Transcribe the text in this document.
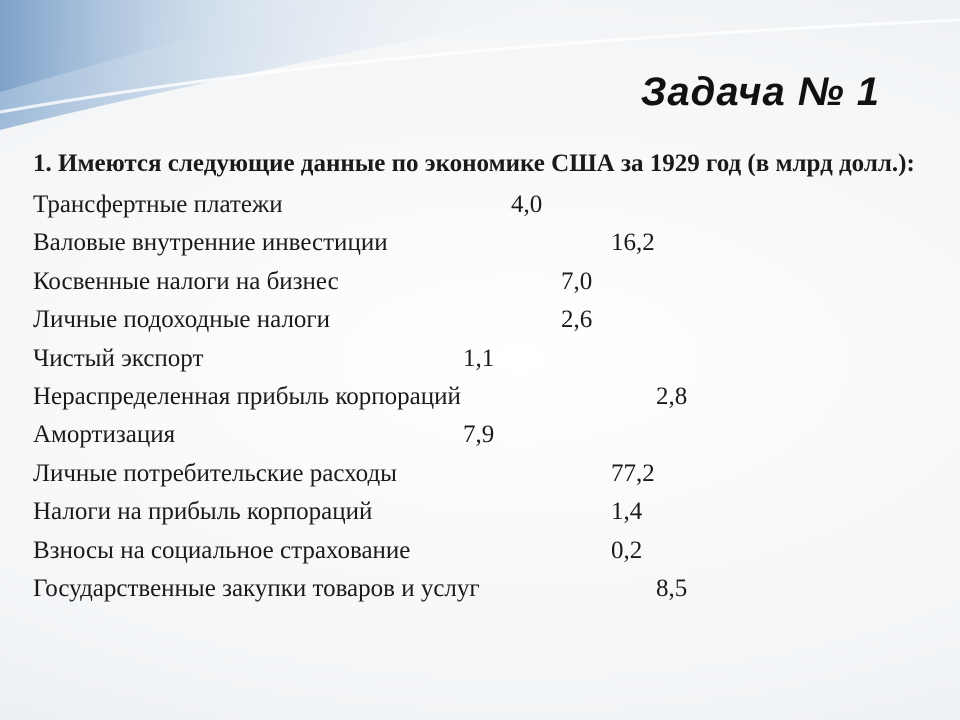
Задача № 1

1. Имеются следующие данные по экономике США за 1929 год (в млрд долл.):

Трансфертные платежи	4,0
Валовые внутренние инвестиции	16,2
Косвенные налоги на бизнес	7,0
Личные подоходные налоги	2,6
Чистый экспорт	1,1
Нераспределенная прибыль корпораций	2,8
Амортизация	7,9
Личные потребительские расходы	77,2
Налоги на прибыль корпораций	1,4
Взносы на социальное страхование	0,2
Государственные закупки товаров и услуг	8,5
